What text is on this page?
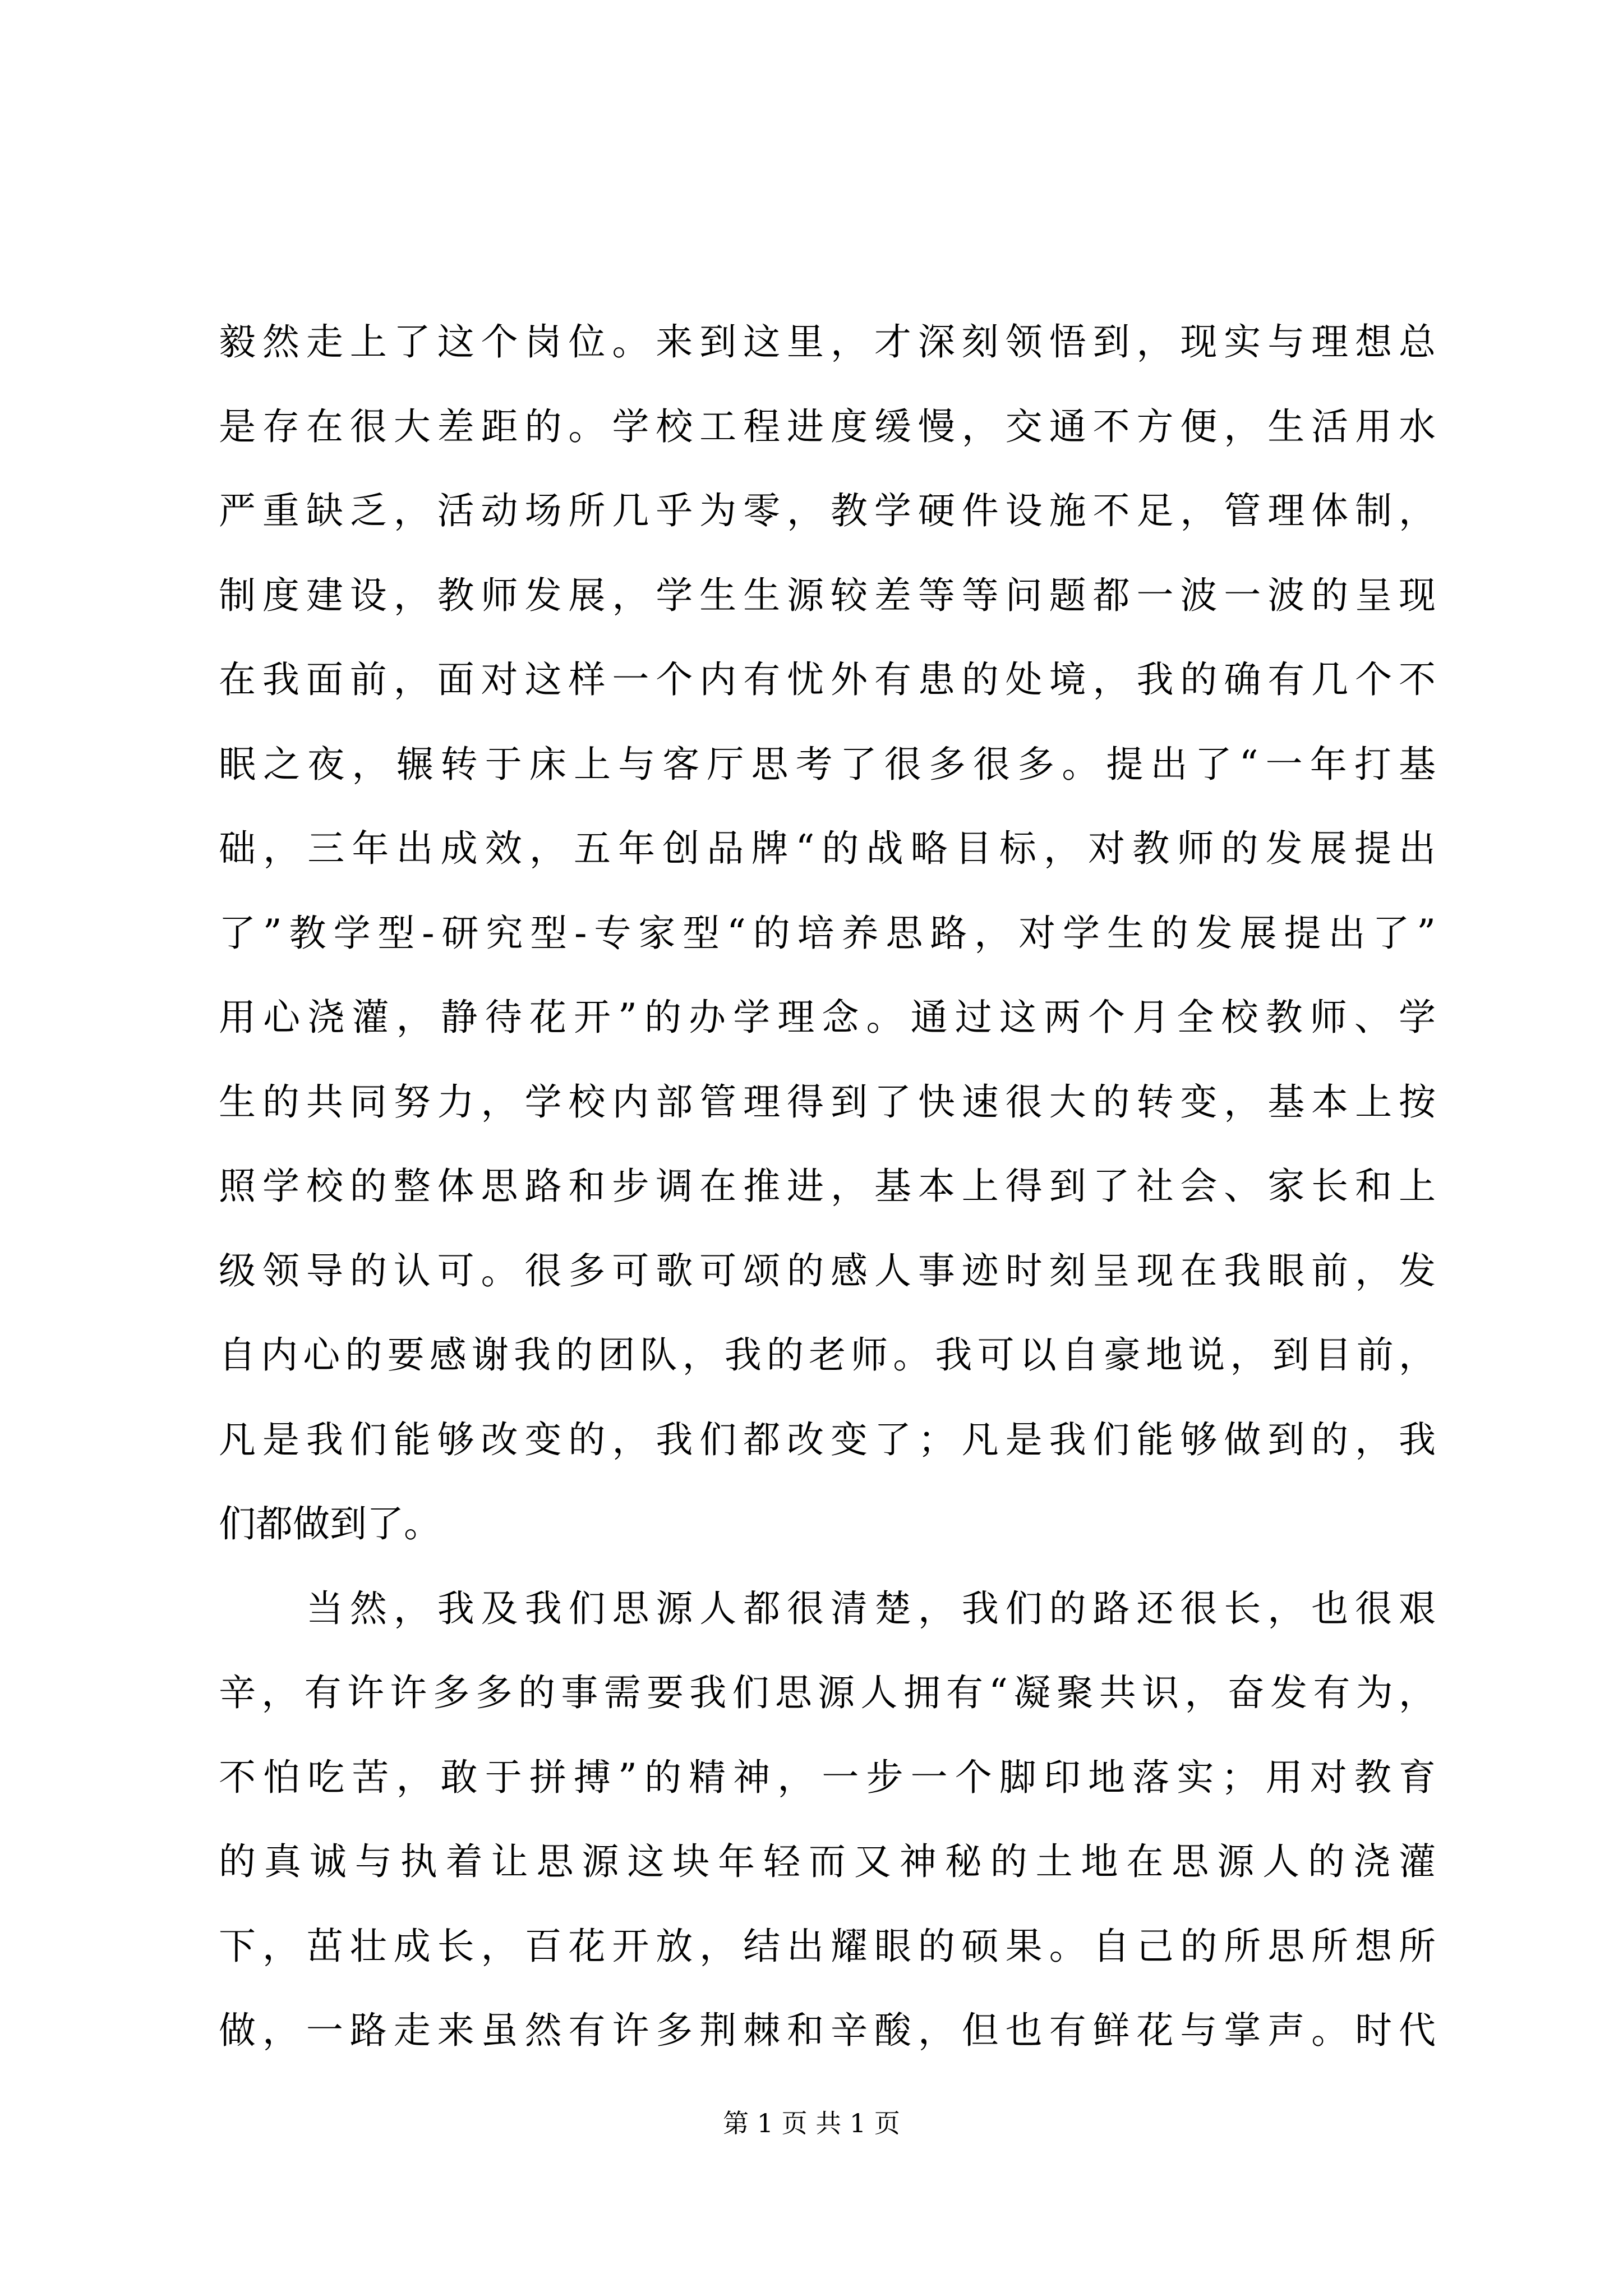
毅然走上了这个岗位。来到这里，才深刻领悟到，现实与理想总
是存在很大差距的。学校工程进度缓慢，交通不方便，生活用水
严重缺乏，活动场所几乎为零，教学硬件设施不足，管理体制，
制度建设，教师发展，学生生源较差等等问题都一波一波的呈现
在我面前，面对这样一个内有忧外有患的处境，我的确有几个不
眠之夜，辗转于床上与客厅思考了很多很多。提出了“一年打基
础，三年出成效，五年创品牌“的战略目标，对教师的发展提出
了”教学型-研究型-专家型“的培养思路，对学生的发展提出了”
用心浇灌，静待花开”的办学理念。通过这两个月全校教师、学
生的共同努力，学校内部管理得到了快速很大的转变，基本上按
照学校的整体思路和步调在推进，基本上得到了社会、家长和上
级领导的认可。很多可歌可颂的感人事迹时刻呈现在我眼前，发
自内心的要感谢我的团队，我的老师。我可以自豪地说，到目前，
凡是我们能够改变的，我们都改变了；凡是我们能够做到的，我
们都做到了。
当然，我及我们思源人都很清楚，我们的路还很长，也很艰
辛，有许许多多的事需要我们思源人拥有“凝聚共识，奋发有为，
不怕吃苦，敢于拼搏”的精神，一步一个脚印地落实；用对教育
的真诚与执着让思源这块年轻而又神秘的土地在思源人的浇灌
下，茁壮成长，百花开放，结出耀眼的硕果。自己的所思所想所
做，一路走来虽然有许多荆棘和辛酸，但也有鲜花与掌声。时代
第 1 页 共 1 页
